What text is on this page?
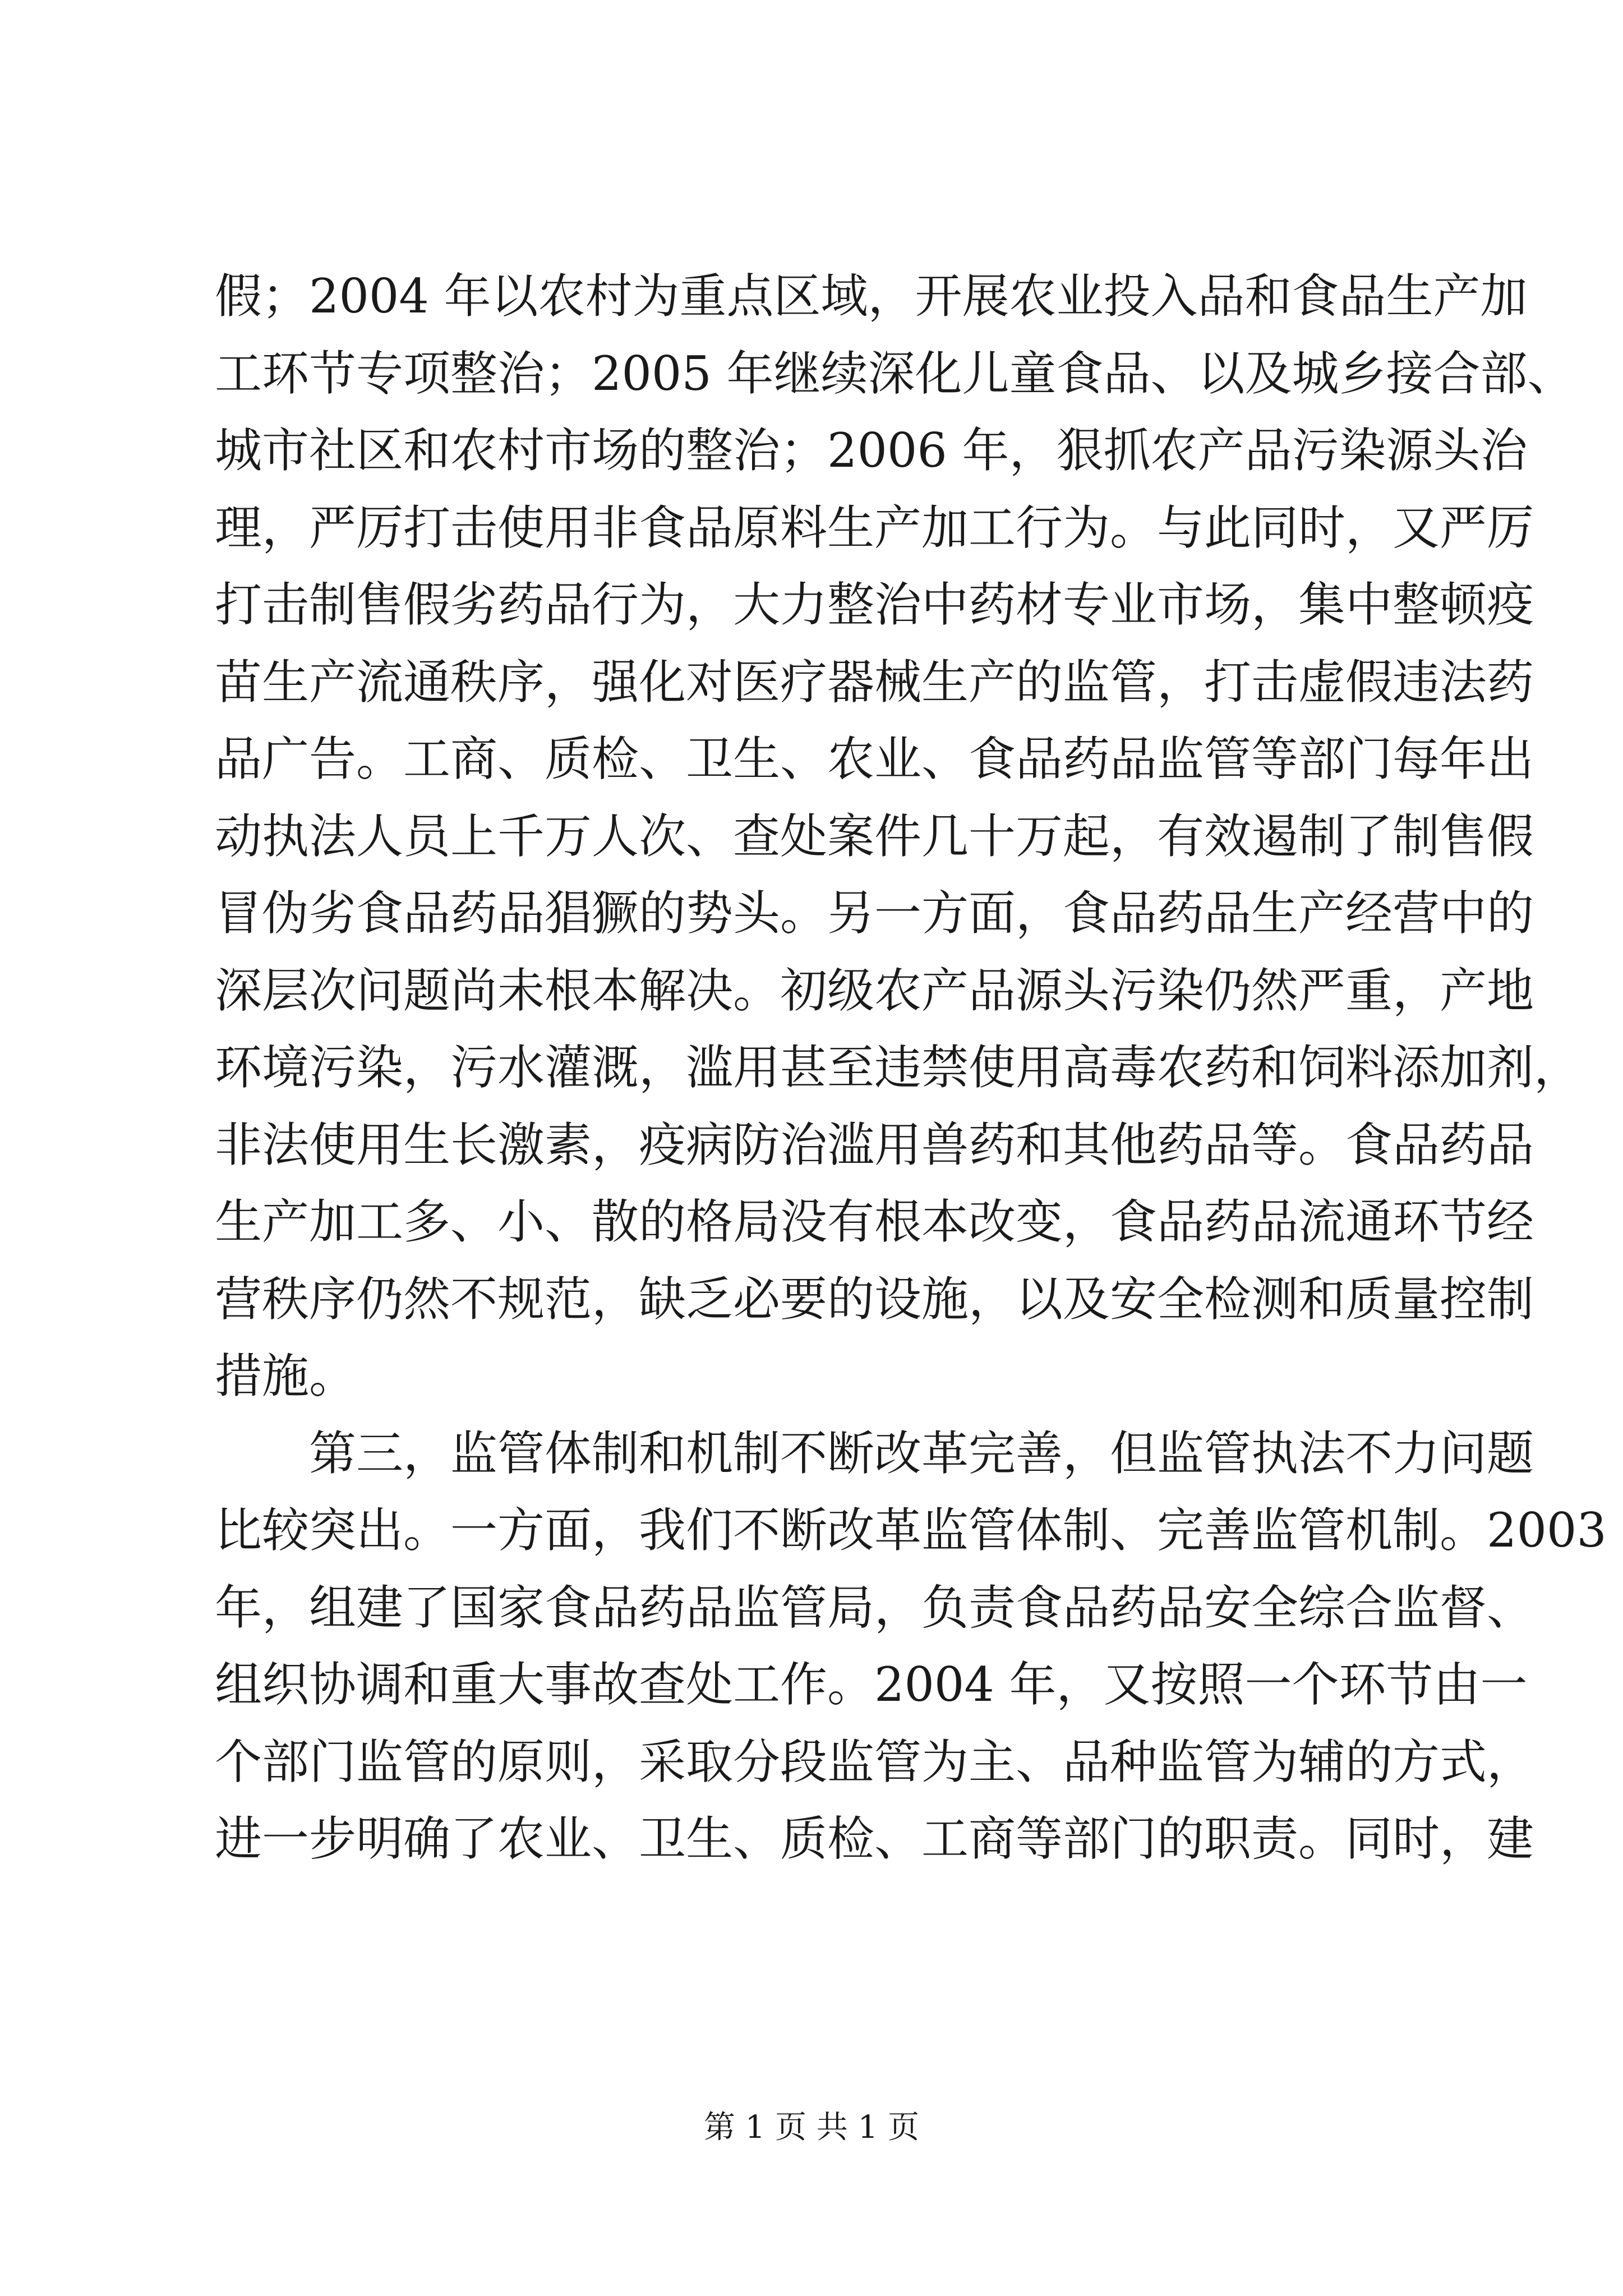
假；2004 年以农村为重点区域，开展农业投入品和食品生产加
工环节专项整治；2005 年继续深化儿童食品、以及城乡接合部、
城市社区和农村市场的整治；2006 年，狠抓农产品污染源头治
理，严厉打击使用非食品原料生产加工行为。与此同时，又严厉
打击制售假劣药品行为，大力整治中药材专业市场，集中整顿疫
苗生产流通秩序，强化对医疗器械生产的监管，打击虚假违法药
品广告。工商、质检、卫生、农业、食品药品监管等部门每年出
动执法人员上千万人次、查处案件几十万起，有效遏制了制售假
冒伪劣食品药品猖獗的势头。另一方面，食品药品生产经营中的
深层次问题尚未根本解决。初级农产品源头污染仍然严重，产地
环境污染，污水灌溉，滥用甚至违禁使用高毒农药和饲料添加剂，
非法使用生长激素，疫病防治滥用兽药和其他药品等。食品药品
生产加工多、小、散的格局没有根本改变，食品药品流通环节经
营秩序仍然不规范，缺乏必要的设施，以及安全检测和质量控制
措施。
第三，监管体制和机制不断改革完善，但监管执法不力问题
比较突出。一方面，我们不断改革监管体制、完善监管机制。2003
年，组建了国家食品药品监管局，负责食品药品安全综合监督、
组织协调和重大事故查处工作。2004 年，又按照一个环节由一
个部门监管的原则，采取分段监管为主、品种监管为辅的方式，
进一步明确了农业、卫生、质检、工商等部门的职责。同时，建
第 1 页 共 1 页
